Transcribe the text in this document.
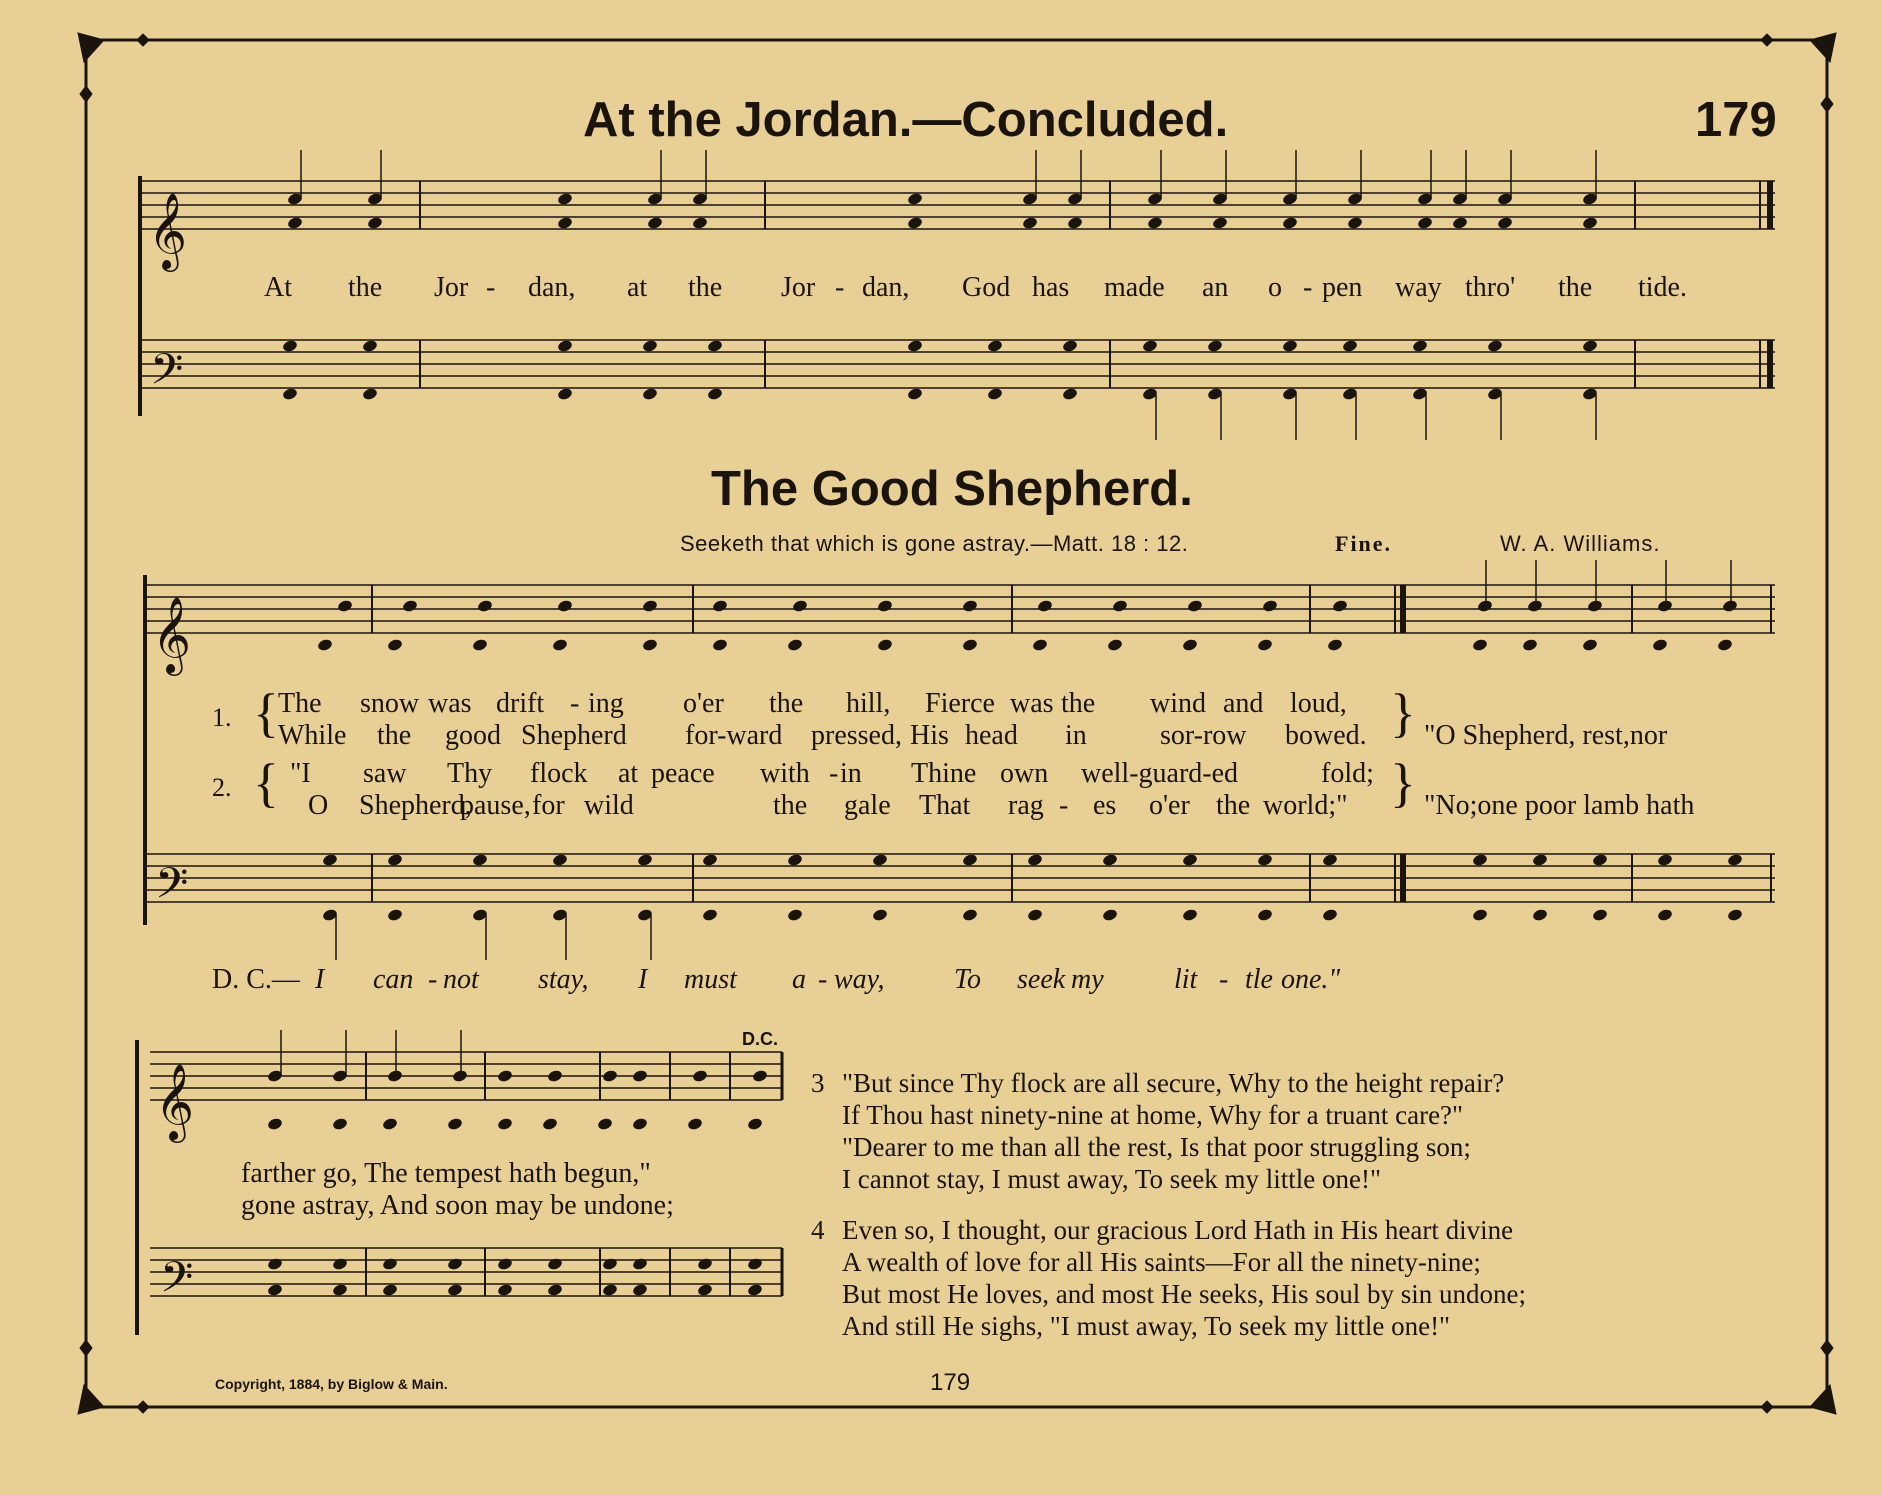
𝄞
𝄢
𝄞
𝄢
𝄞
𝄢
At the Jordan.—Concluded.	179
At the Jor - dan, at the Jor - dan, God has made an o - pen way thro' the tide.
The Good Shepherd.
Seeketh that which is gone astray.—Matt. 18 : 12.	Fine.	W. A. Williams.
1. { The snow was drift - ing o'er the hill, Fierce was the wind and loud,
While the good Shepherd for-ward pressed, His head in	sor-row bowed. } "O Shepherd, rest,nor
2. { "I saw Thy flock at peace with - in Thine own well-guard-ed	fold;
O Shepherd,
pause, for wild	the gale That rag - es o'er the world;" } "No;one poor lamb hath
D. C.— I can - not stay, I must a - way, To seek my	lit - tle one."
D.C.
farther go, The tempest hath begun,"
gone astray, And soon may be undone;
3 "But since Thy flock are all secure, Why to the height repair?
If Thou hast ninety-nine at home, Why for a truant care?"
"Dearer to me than all the rest, Is that poor struggling son;
I cannot stay, I must away, To seek my little one!"
4 Even so, I thought, our gracious Lord Hath in His heart divine
A wealth of love for all His saints—For all the ninety-nine;
But most He loves, and most He seeks, His soul by sin undone;
And still He sighs, "I must away, To seek my little one!"
Copyright, 1884, by Biglow & Main.	179
